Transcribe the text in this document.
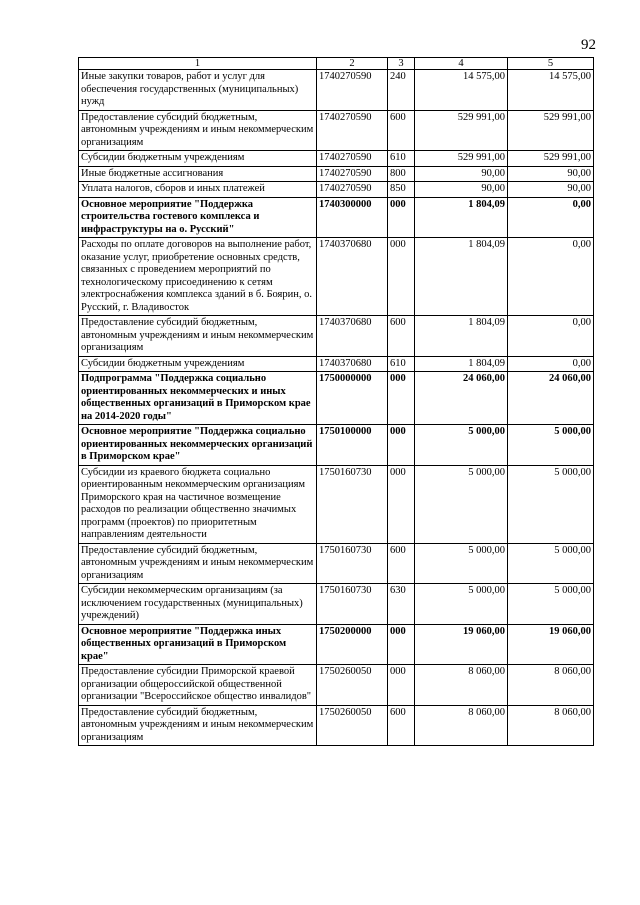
92
1	2	3	4	5
Иные закупки товаров, работ и услуг для обеспечения государственных (муниципальных) нужд	1740270590	240	14 575,00	14 575,00
Предоставление субсидий бюджетным, автономным учреждениям и иным некоммерческим организациям	1740270590	600	529 991,00	529 991,00
Субсидии бюджетным учреждениям	1740270590	610	529 991,00	529 991,00
Иные бюджетные ассигнования	1740270590	800	90,00	90,00
Уплата налогов, сборов и иных платежей	1740270590	850	90,00	90,00
Основное мероприятие "Поддержка строительства гостевого комплекса и инфраструктуры на о. Русский"	1740300000	000	1 804,09	0,00
Расходы по оплате договоров на выполнение работ, оказание услуг, приобретение основных средств, связанных с проведением мероприятий по технологическому присоединению к сетям электроснабжения комплекса зданий в б. Боярин, о. Русский, г. Владивосток	1740370680	000	1 804,09	0,00
Предоставление субсидий бюджетным, автономным учреждениям и иным некоммерческим организациям	1740370680	600	1 804,09	0,00
Субсидии бюджетным учреждениям	1740370680	610	1 804,09	0,00
Подпрограмма "Поддержка социально ориентированных некоммерческих и иных общественных организаций в Приморском крае на 2014-2020 годы"	1750000000	000	24 060,00	24 060,00
Основное мероприятие "Поддержка социально ориентированных некоммерческих организаций в Приморском крае"	1750100000	000	5 000,00	5 000,00
Субсидии из краевого бюджета социально ориентированным некоммерческим организациям Приморского края на частичное возмещение расходов по реализации общественно значимых программ (проектов) по приоритетным направлениям деятельности	1750160730	000	5 000,00	5 000,00
Предоставление субсидий бюджетным, автономным учреждениям и иным некоммерческим организациям	1750160730	600	5 000,00	5 000,00
Субсидии некоммерческим организациям (за исключением государственных (муниципальных) учреждений)	1750160730	630	5 000,00	5 000,00
Основное мероприятие "Поддержка иных общественных организаций в Приморском крае"	1750200000	000	19 060,00	19 060,00
Предоставление субсидии Приморской краевой организации общероссийской общественной организации "Всероссийское общество инвалидов"	1750260050	000	8 060,00	8 060,00
Предоставление субсидий бюджетным, автономным учреждениям и иным некоммерческим организациям	1750260050	600	8 060,00	8 060,00
